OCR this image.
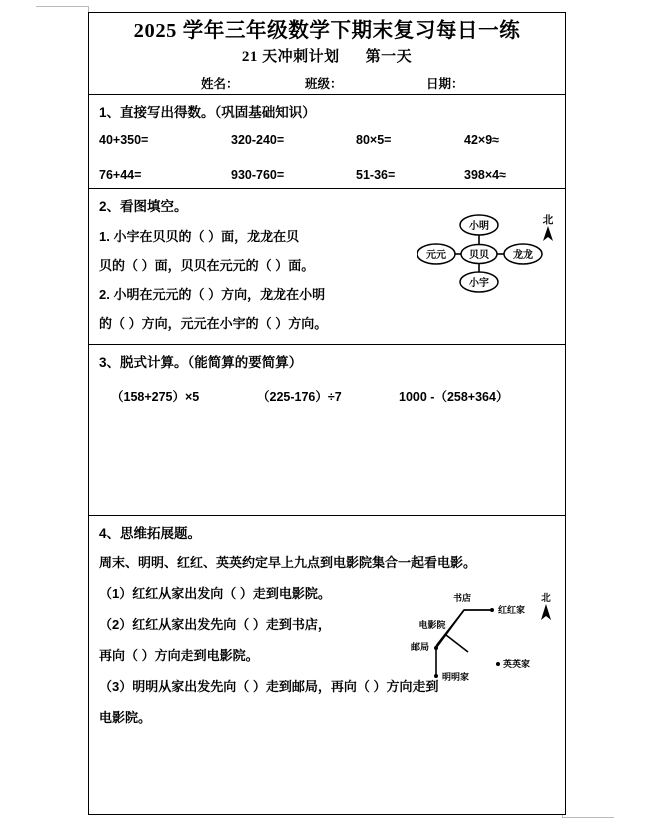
2025 学年三年级数学下期末复习每日一练
21 天冲刺计划 第一天
姓名：	班级：	日期：
1、直接写出得数。（巩固基础知识）
40+350=	320-240=	80×5=	42×9≈
76+44=	930-760=	51-36=	398×4≈
2、看图填空。
1. 小宇在贝贝的（ ）面，龙龙在贝
贝的（ ）面，贝贝在元元的（ ）面。
2. 小明在元元的（ ）方向，龙龙在小明
的（ ）方向，元元在小宇的（ ）方向。
小明
贝贝
小宇
元元	龙龙
北
3、脱式计算。（能简算的要简算）
（158+275）×5	（225-176）÷7	1000 -（258+364）
4、思维拓展题。
周末、明明、红红、英英约定早上九点到电影院集合一起看电影。
（1）红红从家出发向（ ）走到电影院。
（2）红红从家出发先向（ ）走到书店，
再向（ ）方向走到电影院。
（3）明明从家出发先向（ ）走到邮局，再向（ ）方向走到
电影院。
书店
红红家
电影院
邮局
明明家
英英家
北
